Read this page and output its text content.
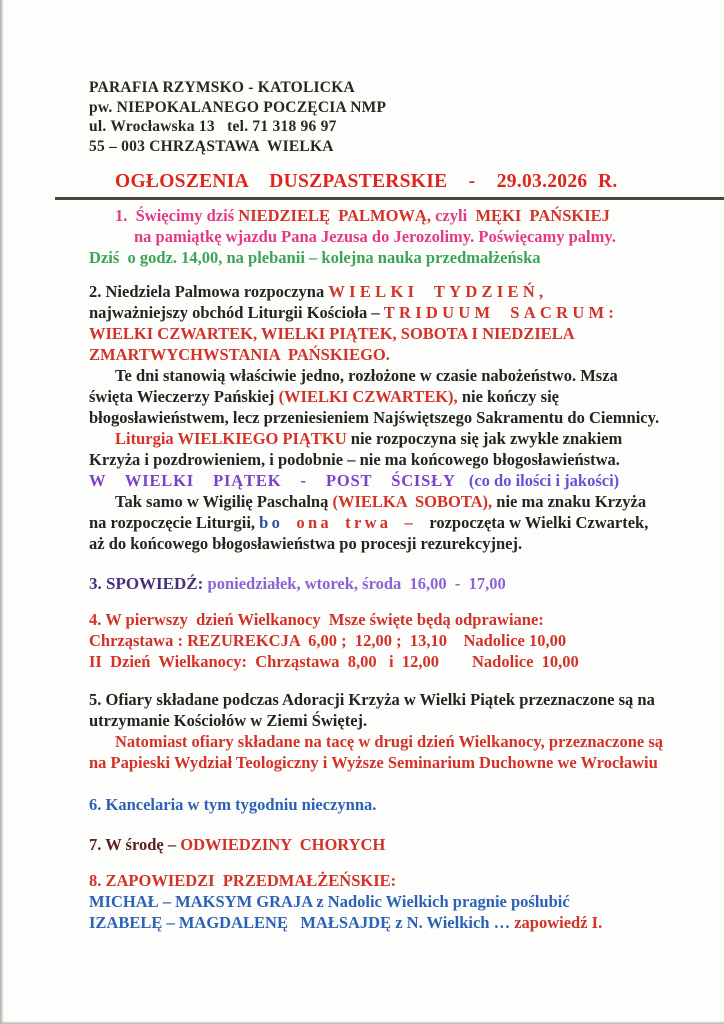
PARAFIA RZYMSKO - KATOLICKA
pw. NIEPOKALANEGO POCZĘCIA NMP
ul. Wrocławska 13   tel. 71 318 96 97
55 – 003 CHRZĄSTAWA  WIELKA
OGŁOSZENIA  DUSZPASTERSKIE  -  29.03.2026 R.
1.  Święcimy dziś NIEDZIELĘ  PALMOWĄ, czyli  MĘKI  PAŃSKIEJ
na pamiątkę wjazdu Pana Jezusa do Jerozolimy. Poświęcamy palmy.
Dziś  o godz. 14,00, na plebanii – kolejna nauka przedmałżeńska
2. Niedziela Palmowa rozpoczyna WIELKI TYDZIEŃ,
najważniejszy obchód Liturgii Kościoła – TRIDUUM SACRUM:
WIELKI CZWARTEK, WIELKI PIĄTEK, SOBOTA I NIEDZIELA
ZMARTWYCHWSTANIA  PAŃSKIEGO.

Te dni stanowią właściwie jedno, rozłożone w czasie nabożeństwo. Msza święta Wieczerzy Pańskiej (WIELKI CZWARTEK), nie kończy się błogosławieństwem, lecz przeniesieniem Najświętszego Sakramentu do Ciemnicy.

Liturgia WIELKIEGO PIĄTKU nie rozpoczyna się jak zwykle znakiem Krzyża i pozdrowieniem, i podobnie – nie ma końcowego błogosławieństwa.

W  WIELKI  PIĄTEK  -  POST  ŚCISŁY  (co do ilości i jakości)

Tak samo w Wigilię Paschalną (WIELKA  SOBOTA), nie ma znaku Krzyża na rozpoczęcie Liturgii, bo ona trwa – rozpoczęta w Wielki Czwartek, aż do końcowego błogosławieństwa po procesji rezurekcyjnej.

3. SPOWIEDŹ: poniedziałek, wtorek, środa  16,00  -  17,00
4. W pierwszy  dzień Wielkanocy  Msze święte będą odprawiane:
Chrząstawa : REZUREKCJA  6,00 ;  12,00 ;  13,10    Nadolice 10,00
II  Dzień  Wielkanocy:  Chrząstawa  8,00   i  12,00        Nadolice  10,00
5. Ofiary składane podczas Adoracji Krzyża w Wielki Piątek przeznaczone są na utrzymanie Kościołów w Ziemi Świętej.
Natomiast ofiary składane na tacę w drugi dzień Wielkanocy, przeznaczone są na Papieski Wydział Teologiczny i Wyższe Seminarium Duchowne we Wrocławiu
6. Kancelaria w tym tygodniu nieczynna.
7. W środę – ODWIEDZINY  CHORYCH
8. ZAPOWIEDZI  PRZEDMAŁŻEŃSKIE:
MICHAŁ – MAKSYM GRAJA z Nadolic Wielkich pragnie poślubić
IZABELĘ – MAGDALENĘ   MAŁSAJDĘ z N. Wielkich … zapowiedź I.
